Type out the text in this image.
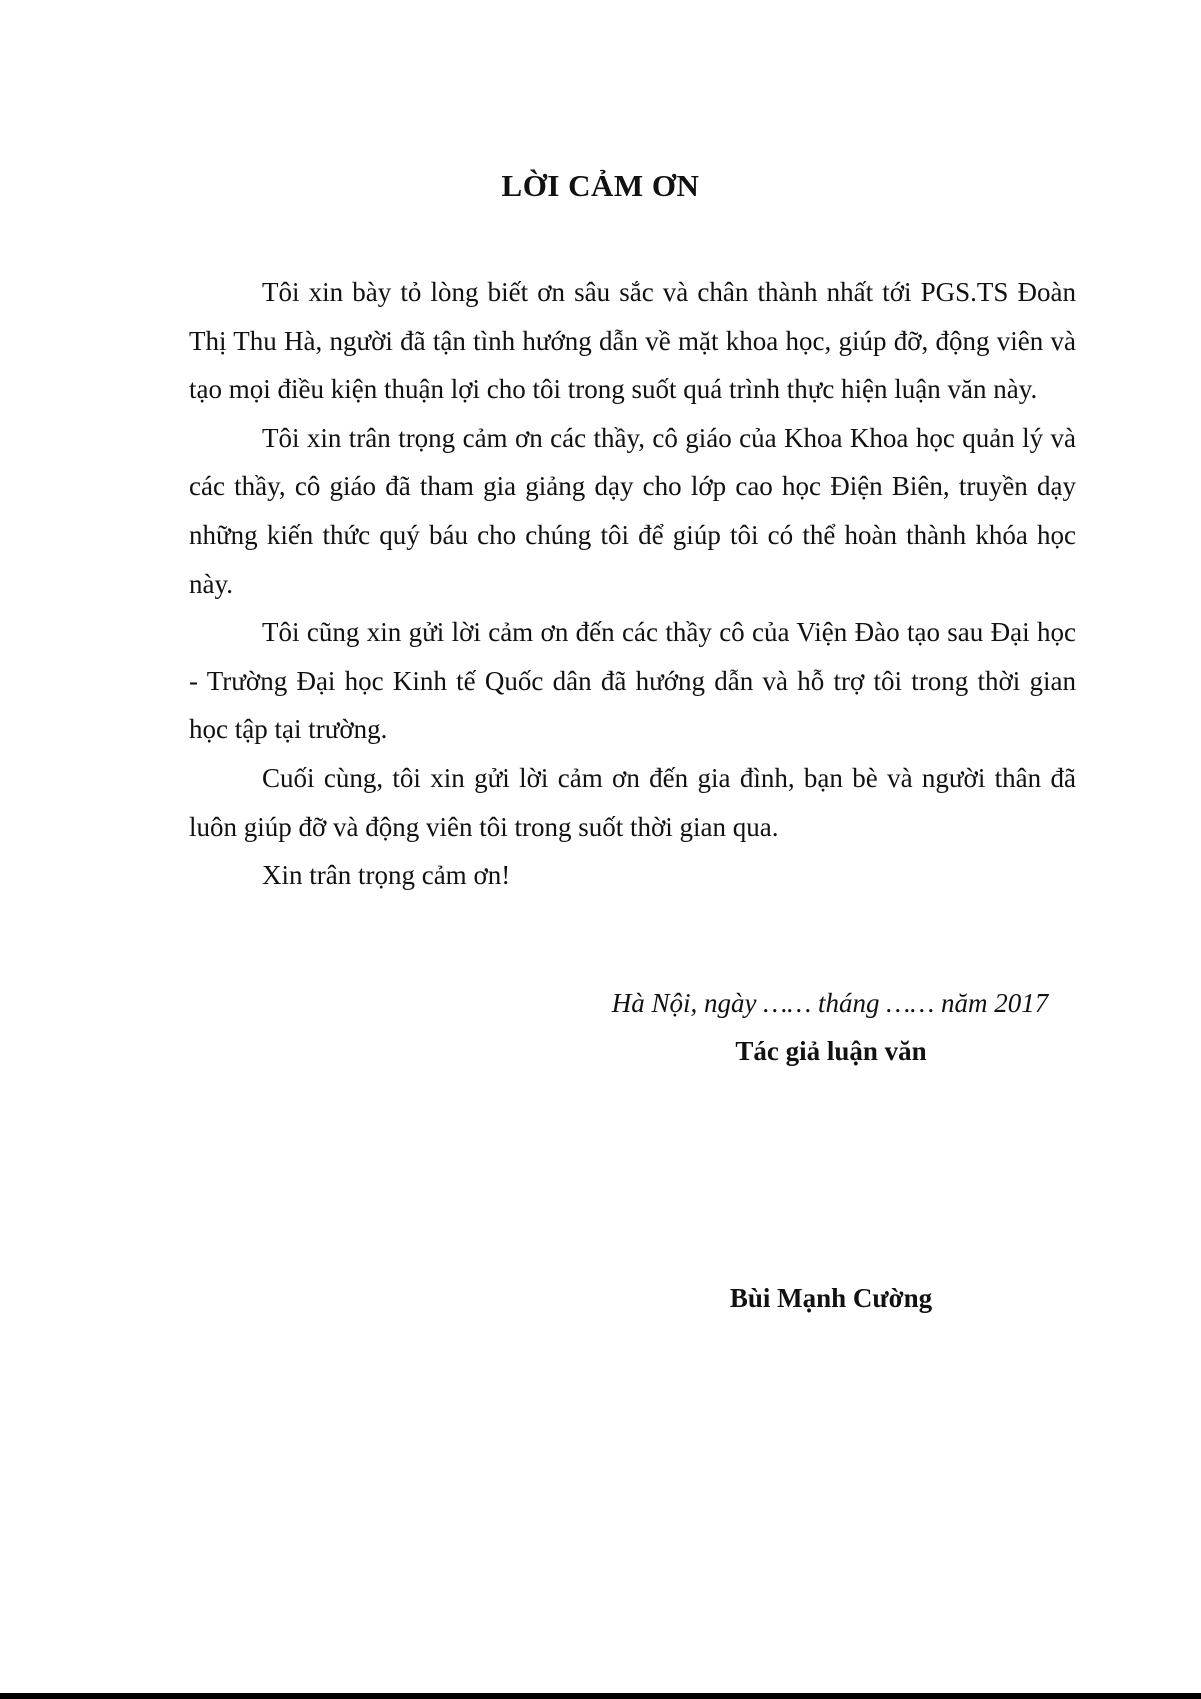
LỜI CẢM ƠN

Tôi xin bày tỏ lòng biết ơn sâu sắc và chân thành nhất tới PGS.TS Đoàn Thị Thu Hà, người đã tận tình hướng dẫn về mặt khoa học, giúp đỡ, động viên và tạo mọi điều kiện thuận lợi cho tôi trong suốt quá trình thực hiện luận văn này.

Tôi xin trân trọng cảm ơn các thầy, cô giáo của Khoa Khoa học quản lý và các thầy, cô giáo đã tham gia giảng dạy cho lớp cao học Điện Biên, truyền dạy những kiến thức quý báu cho chúng tôi để giúp tôi có thể hoàn thành khóa học này.

Tôi cũng xin gửi lời cảm ơn đến các thầy cô của Viện Đào tạo sau Đại học - Trường Đại học Kinh tế Quốc dân đã hướng dẫn và hỗ trợ tôi trong thời gian học tập tại trường.

Cuối cùng, tôi xin gửi lời cảm ơn đến gia đình, bạn bè và người thân đã luôn giúp đỡ và động viên tôi trong suốt thời gian qua.

Xin trân trọng cảm ơn!

Hà Nội, ngày …… tháng …… năm 2017

Tác giả luận văn

Bùi Mạnh Cường
